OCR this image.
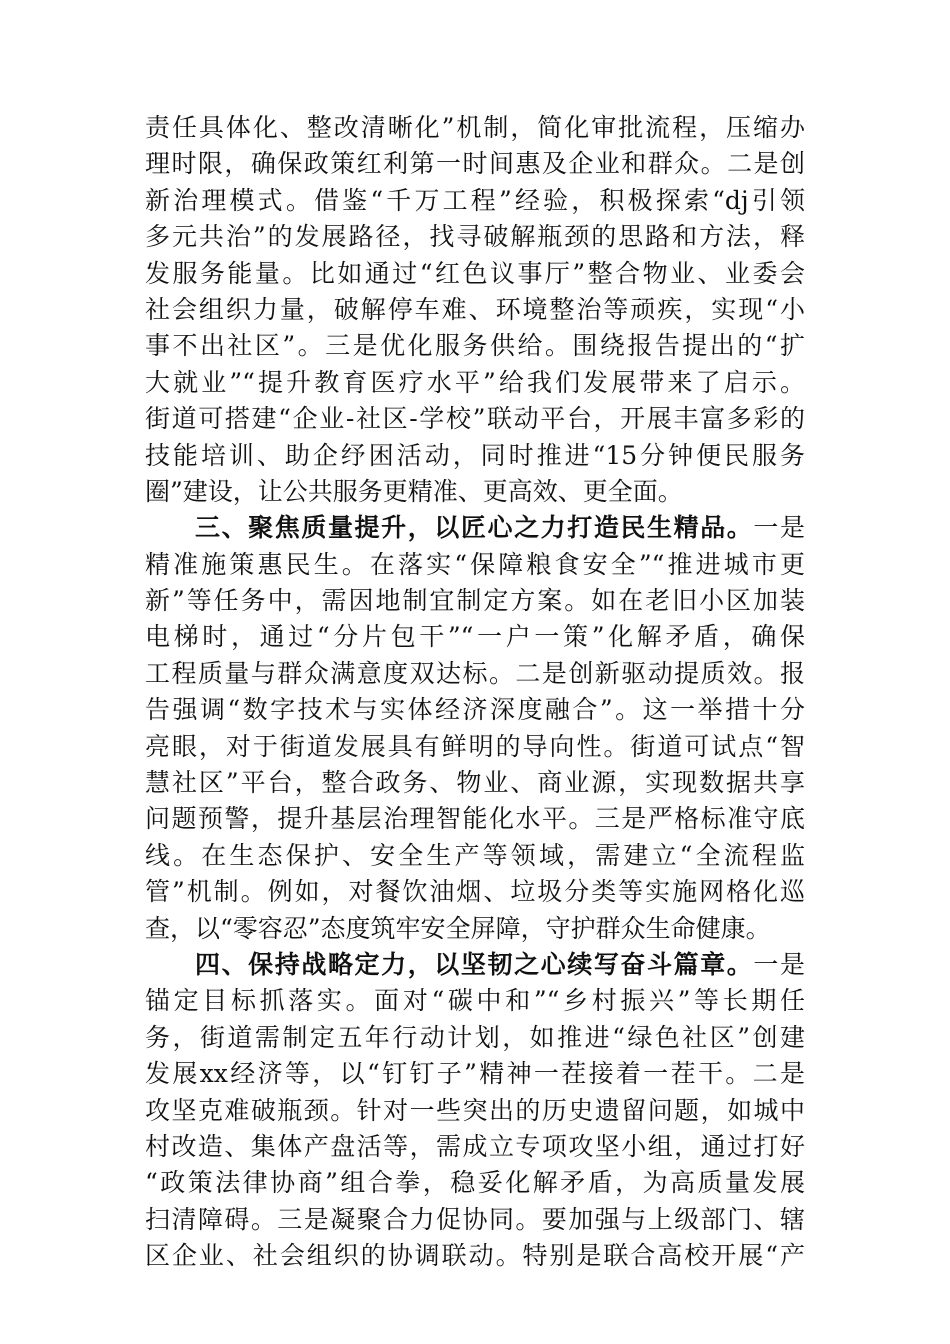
责任具体化、整改清晰化”机制，简化审批流程，压缩办
理时限，确保政策红利第一时间惠及企业和群众。二是创
新治理模式。借鉴“千万工程”经验，积极探索“dj引领
多元共治”的发展路径，找寻破解瓶颈的思路和方法，释
发服务能量。比如通过“红色议事厅”整合物业、业委会
社会组织力量，破解停车难、环境整治等顽疾，实现“小
事不出社区”。三是优化服务供给。围绕报告提出的“扩
大就业”“提升教育医疗水平”给我们发展带来了启示。
街道可搭建“企业-社区-学校”联动平台，开展丰富多彩的
技能培训、助企纾困活动，同时推进“15分钟便民服务
圈”建设，让公共服务更精准、更高效、更全面。
三、聚焦质量提升，以匠心之力打造民生精品。一是
精准施策惠民生。在落实“保障粮食安全”“推进城市更
新”等任务中，需因地制宜制定方案。如在老旧小区加装
电梯时，通过“分片包干”“一户一策”化解矛盾，确保
工程质量与群众满意度双达标。二是创新驱动提质效。报
告强调“数字技术与实体经济深度融合”。这一举措十分
亮眼，对于街道发展具有鲜明的导向性。街道可试点“智
慧社区”平台，整合政务、物业、商业源，实现数据共享
问题预警，提升基层治理智能化水平。三是严格标准守底
线。在生态保护、安全生产等领域，需建立“全流程监
管”机制。例如，对餐饮油烟、垃圾分类等实施网格化巡
查，以“零容忍”态度筑牢安全屏障，守护群众生命健康。
四、保持战略定力，以坚韧之心续写奋斗篇章。一是
锚定目标抓落实。面对“碳中和”“乡村振兴”等长期任
务，街道需制定五年行动计划，如推进“绿色社区”创建
发展xx经济等，以“钉钉子”精神一茬接着一茬干。二是
攻坚克难破瓶颈。针对一些突出的历史遗留问题，如城中
村改造、集体产盘活等，需成立专项攻坚小组，通过打好
“政策法律协商”组合拳，稳妥化解矛盾，为高质量发展
扫清障碍。三是凝聚合力促协同。要加强与上级部门、辖
区企业、社会组织的协调联动。特别是联合高校开展“产
